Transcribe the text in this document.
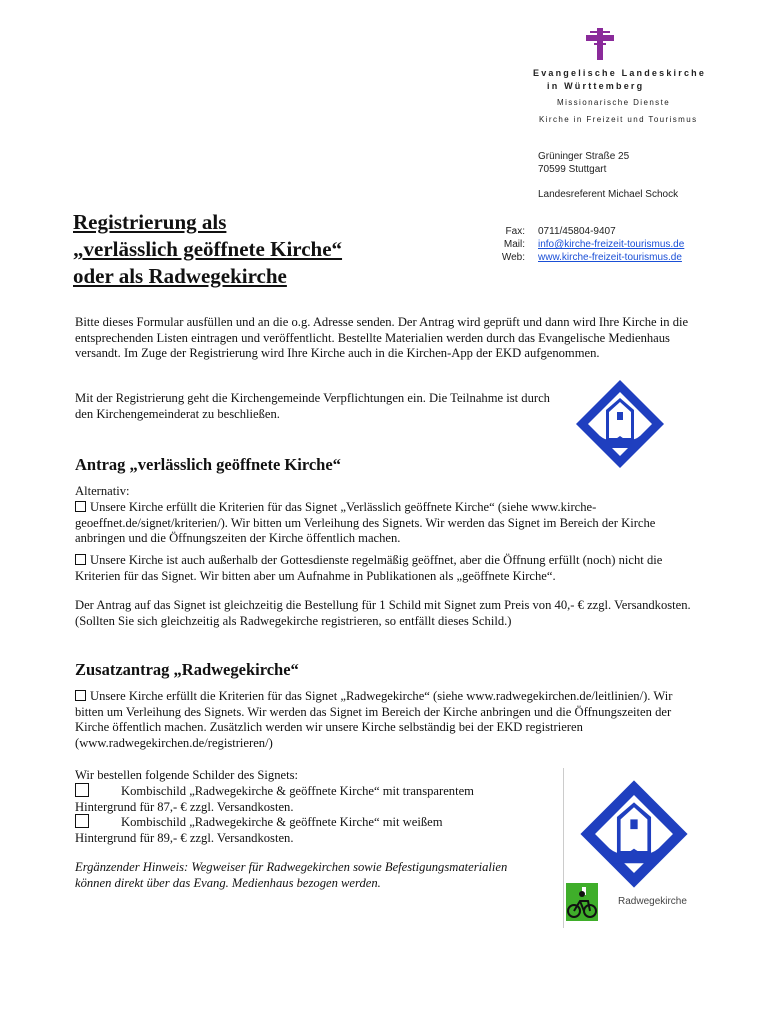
Evangelische Landeskirche
in Württemberg
Missionarische Dienste
Kirche in Freizeit und Tourismus
Grüninger Straße 25
70599 Stuttgart
Landesreferent Michael Schock
Fax:
Mail:
Web:
0711/45804-9407
info@kirche-freizeit-tourismus.de
www.kirche-freizeit-tourismus.de
Registrierung als
„verlässlich geöffnete Kirche“
oder als Radwegekirche

Bitte dieses Formular ausfüllen und an die o.g. Adresse senden. Der Antrag wird geprüft und dann wird Ihre Kirche in die entsprechenden Listen eintragen und veröffentlicht. Bestellte Materialien werden durch das Evangelische Medienhaus versandt. Im Zuge der Registrierung wird Ihre Kirche auch in die Kirchen-App der EKD aufgenommen.

Mit der Registrierung geht die Kirchengemeinde Verpflichtungen ein. Die Teilnahme ist durch den Kirchengemeinderat zu beschließen.

Antrag „verlässlich geöffnete Kirche“
Alternativ:
Unsere Kirche erfüllt die Kriterien für das Signet „Verlässlich geöffnete Kirche“ (siehe www.kirche-geoeffnet.de/signet/kriterien/). Wir bitten um Verleihung des Signets. Wir werden das Signet im Bereich der Kirche anbringen und die Öffnungszeiten der Kirche öffentlich machen.
Unsere Kirche ist auch außerhalb der Gottesdienste regelmäßig geöffnet, aber die Öffnung erfüllt (noch) nicht die Kriterien für das Signet. Wir bitten aber um Aufnahme in Publikationen als „geöffnete Kirche“.

Der Antrag auf das Signet ist gleichzeitig die Bestellung für 1 Schild mit Signet zum Preis von 40,- € zzgl. Versandkosten. (Sollten Sie sich gleichzeitig als Radwegekirche registrieren, so entfällt dieses Schild.)

Zusatzantrag „Radwegekirche“
Unsere Kirche erfüllt die Kriterien für das Signet „Radwegekirche“ (siehe www.radwegekirchen.de/leitlinien/). Wir bitten um Verleihung des Signets. Wir werden das Signet im Bereich der Kirche anbringen und die Öffnungszeiten der Kirche öffentlich machen. Zusätzlich werden wir unsere Kirche selbständig bei der EKD registrieren (www.radwegekirchen.de/registrieren/)
Wir bestellen folgende Schilder des Signets:
Kombischild „Radwegekirche & geöffnete Kirche“ mit transparentem
Hintergrund für 87,- € zzgl. Versandkosten.
Kombischild „Radwegekirche & geöffnete Kirche“ mit weißem
Hintergrund für 89,- € zzgl. Versandkosten.

Ergänzender Hinweis: Wegweiser für Radwegekirchen sowie Befestigungsmaterialien können direkt über das Evang. Medienhaus bezogen werden.

Radwegekirche
